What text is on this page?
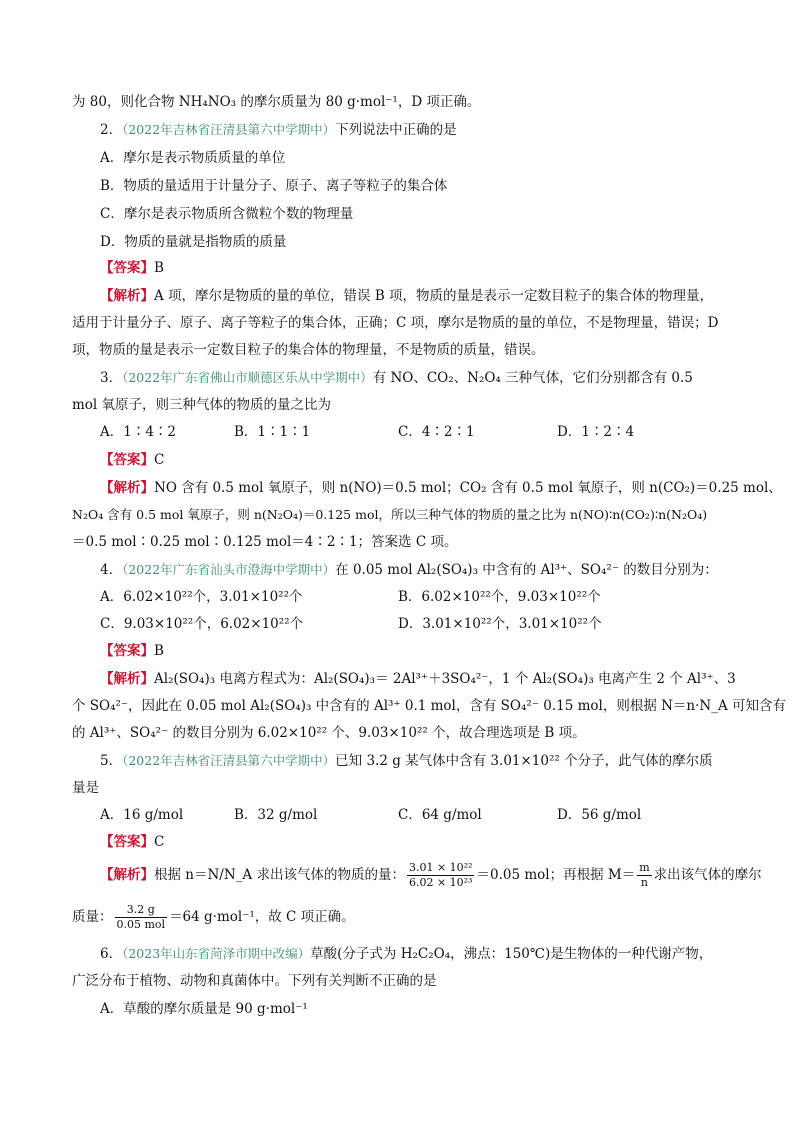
为 80，则化合物 NH₄NO₃ 的摩尔质量为 80 g·mol⁻¹，D 项正确。
2．（2022年吉林省汪清县第六中学期中）下列说法中正确的是
A．摩尔是表示物质质量的单位
B．物质的量适用于计量分子、原子、离子等粒子的集合体
C．摩尔是表示物质所含微粒个数的物理量
D．物质的量就是指物质的质量
【答案】B
【解析】A 项，摩尔是物质的量的单位，错误 B 项，物质的量是表示一定数目粒子的集合体的物理量，
适用于计量分子、原子、离子等粒子的集合体，正确；C 项，摩尔是物质的量的单位，不是物理量，错误；D
项，物质的量是表示一定数目粒子的集合体的物理量，不是物质的质量，错误。
3．（2022年广东省佛山市顺德区乐从中学期中）有 NO、CO₂、N₂O₄ 三种气体，它们分别都含有 0.5
mol 氧原子，则三种气体的物质的量之比为
A．1∶4∶2	B．1∶1∶1	C．4∶2∶1	D．1∶2∶4
【答案】C
【解析】NO 含有 0.5 mol 氧原子，则 n(NO)＝0.5 mol；CO₂ 含有 0.5 mol 氧原子，则 n(CO₂)＝0.25 mol、
N₂O₄ 含有 0.5 mol 氧原子，则 n(N₂O₄)＝0.125 mol，所以三种气体的物质的量之比为 n(NO)∶n(CO₂)∶n(N₂O₄)
＝0.5 mol∶0.25 mol∶0.125 mol＝4∶2∶1；答案选 C 项。
4．（2022年广东省汕头市澄海中学期中）在 0.05 mol Al₂(SO₄)₃ 中含有的 Al³⁺、SO₄²⁻ 的数目分别为：
A．6.02×10²²个，3.01×10²²个	B．6.02×10²²个，9.03×10²²个
C．9.03×10²²个，6.02×10²²个	D．3.01×10²²个，3.01×10²²个
【答案】B
【解析】Al₂(SO₄)₃ 电离方程式为：Al₂(SO₄)₃＝ 2Al³⁺＋3SO₄²⁻，1 个 Al₂(SO₄)₃ 电离产生 2 个 Al³⁺、3
个 SO₄²⁻，因此在 0.05 mol Al₂(SO₄)₃ 中含有的 Al³⁺ 0.1 mol，含有 SO₄²⁻ 0.15 mol，则根据 N＝n·N_A 可知含有
的 Al³⁺、SO₄²⁻ 的数目分别为 6.02×10²² 个、9.03×10²² 个，故合理选项是 B 项。
5．（2022年吉林省汪清县第六中学期中）已知 3.2 g 某气体中含有 3.01×10²² 个分子，此气体的摩尔质
量是
A．16 g/mol	B．32 g/mol	C．64 g/mol	D．56 g/mol
【答案】C
【解析】根据 n＝N/N_A 求出该气体的物质的量： $\frac{\text{3.01 × 10²²}}{\text{6.02 × 10²³}} =0.05$ mol；再根据 $M= \frac{m}{n}$ 求出该气体的摩尔
质量： $\frac{3.2 g}{\text{0.05 mol}} =64$ g·mol⁻¹，故 C 项正确。
6．（2023年山东省菏泽市期中改编）草酸(分子式为 H₂C₂O₄，沸点：150℃)是生物体的一种代谢产物，
广泛分布于植物、动物和真菌体中。下列有关判断不正确的是
A．草酸的摩尔质量是 90 g·mol⁻¹
